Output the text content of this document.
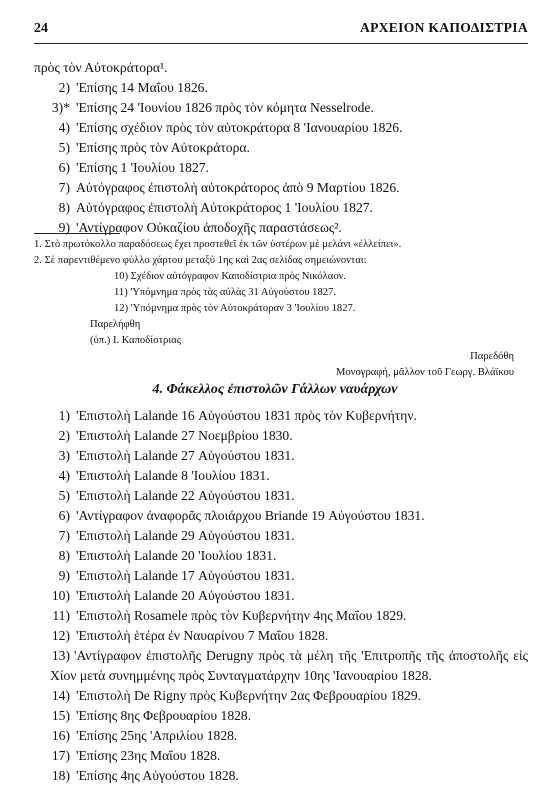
24	ΑΡΧΕΙΟΝ ΚΑΠΟΔΙΣΤΡΙΑ
πρὸς τὸν Αὐτοκράτορα¹.
2) 'Επίσης 14 Μαΐου 1826.
3)* 'Επίσης 24 'Ιουνίου 1826 πρὸς τὸν κόμητα Nesselrode.
4) 'Επίσης σχέδιον πρὸς τὸν αὐτοκράτορα 8 'Ιανουαρίου 1826.
5) 'Επίσης πρὸς τὸν Αὐτοκράτορα.
6) 'Επίσης 1 'Ιουλίου 1827.
7) Αὐτόγραφος ἐπιστολὴ αὐτοκράτορος ἀπὸ 9 Μαρτίου 1826.
8) Αὐτόγραφος ἐπιστολὴ Αὐτοκράτορος 1 'Ιουλίου 1827.
9) 'Αντίγραφον Οὐκαζίου ἀποδοχῆς παραστάσεως².
1. Στὸ πρωτόκολλο παραδόσεως ἔχει προστεθεῖ ἐκ τῶν ὑστέρων μὲ μελάνι «ἐλλείπει».
2. Σὲ παρεντιθέμενο φύλλο χάρτου μεταξὺ 1ης καὶ 2ας σελίδας σημειώνονται:
10) Σχέδιον αὐτόγραφον Καποδίστρια πρὸς Νικόλαον.
11) 'Υπόμνημα πρὸς τὰς αὐλὰς 31 Αὐγούστου 1827.
12) 'Υπόμνημα πρὸς τὸν Αὐτοκράτοραν 3 'Ιουλίου 1827.
Παρελήφθη
(ὑπ.) Ι. Καποδίστριας
Παρεδόθη
Μονογραφή, μᾶλλον τοῦ Γεωργ. Βλάϊκου
4. Φάκελλος ἐπιστολῶν Γάλλων ναυάρχων
1) 'Επιστολὴ Lalande 16 Αὐγούστου 1831 πρὸς τὸν Κυβερνήτην.
2) 'Επιστολὴ Lalande 27 Νοεμβρίου 1830.
3) 'Επιστολὴ Lalande 27 Αὐγούστου 1831.
4) 'Επιστολὴ Lalande 8 'Ιουλίου 1831.
5) 'Επιστολὴ Lalande 22 Αὐγούστου 1831.
6) 'Αντίγραφον ἀναφορᾶς πλοιάρχου Briande 19 Αὐγούστου 1831.
7) 'Επιστολὴ Lalande 29 Αὐγούστου 1831.
8) 'Επιστολὴ Lalande 20 'Ιουλίου 1831.
9) 'Επιστολὴ Lalande 17 Αὐγούστου 1831.
10) 'Επιστολὴ Lalande 20 Αὐγούστου 1831.
11) 'Επιστολὴ Rosamele πρὸς τὸν Κυβερνήτην 4ης Μαΐου 1829.
12) 'Επιστολὴ ἑτέρα ἐν Ναυαρίνου 7 Μαΐου 1828.
13) 'Αντίγραφον ἐπιστολῆς Derugny πρὸς τὰ μέλη τῆς 'Επιτροπῆς τῆς ἀποστολῆς εἰς Χίον μετὰ συνημμένης πρὸς Συνταγματάρχην 10ης 'Ιανουαρίου 1828.
14) 'Επιστολὴ De Rigny πρὸς Κυβερνήτην 2ας Φεβρουαρίου 1829.
15) 'Επίσης 8ης Φεβρουαρίου 1828.
16) 'Επίσης 25ης 'Απριλίου 1828.
17) 'Επίσης 23ης Μαΐου 1828.
18) 'Επίσης 4ης Αὐγούστου 1828.
